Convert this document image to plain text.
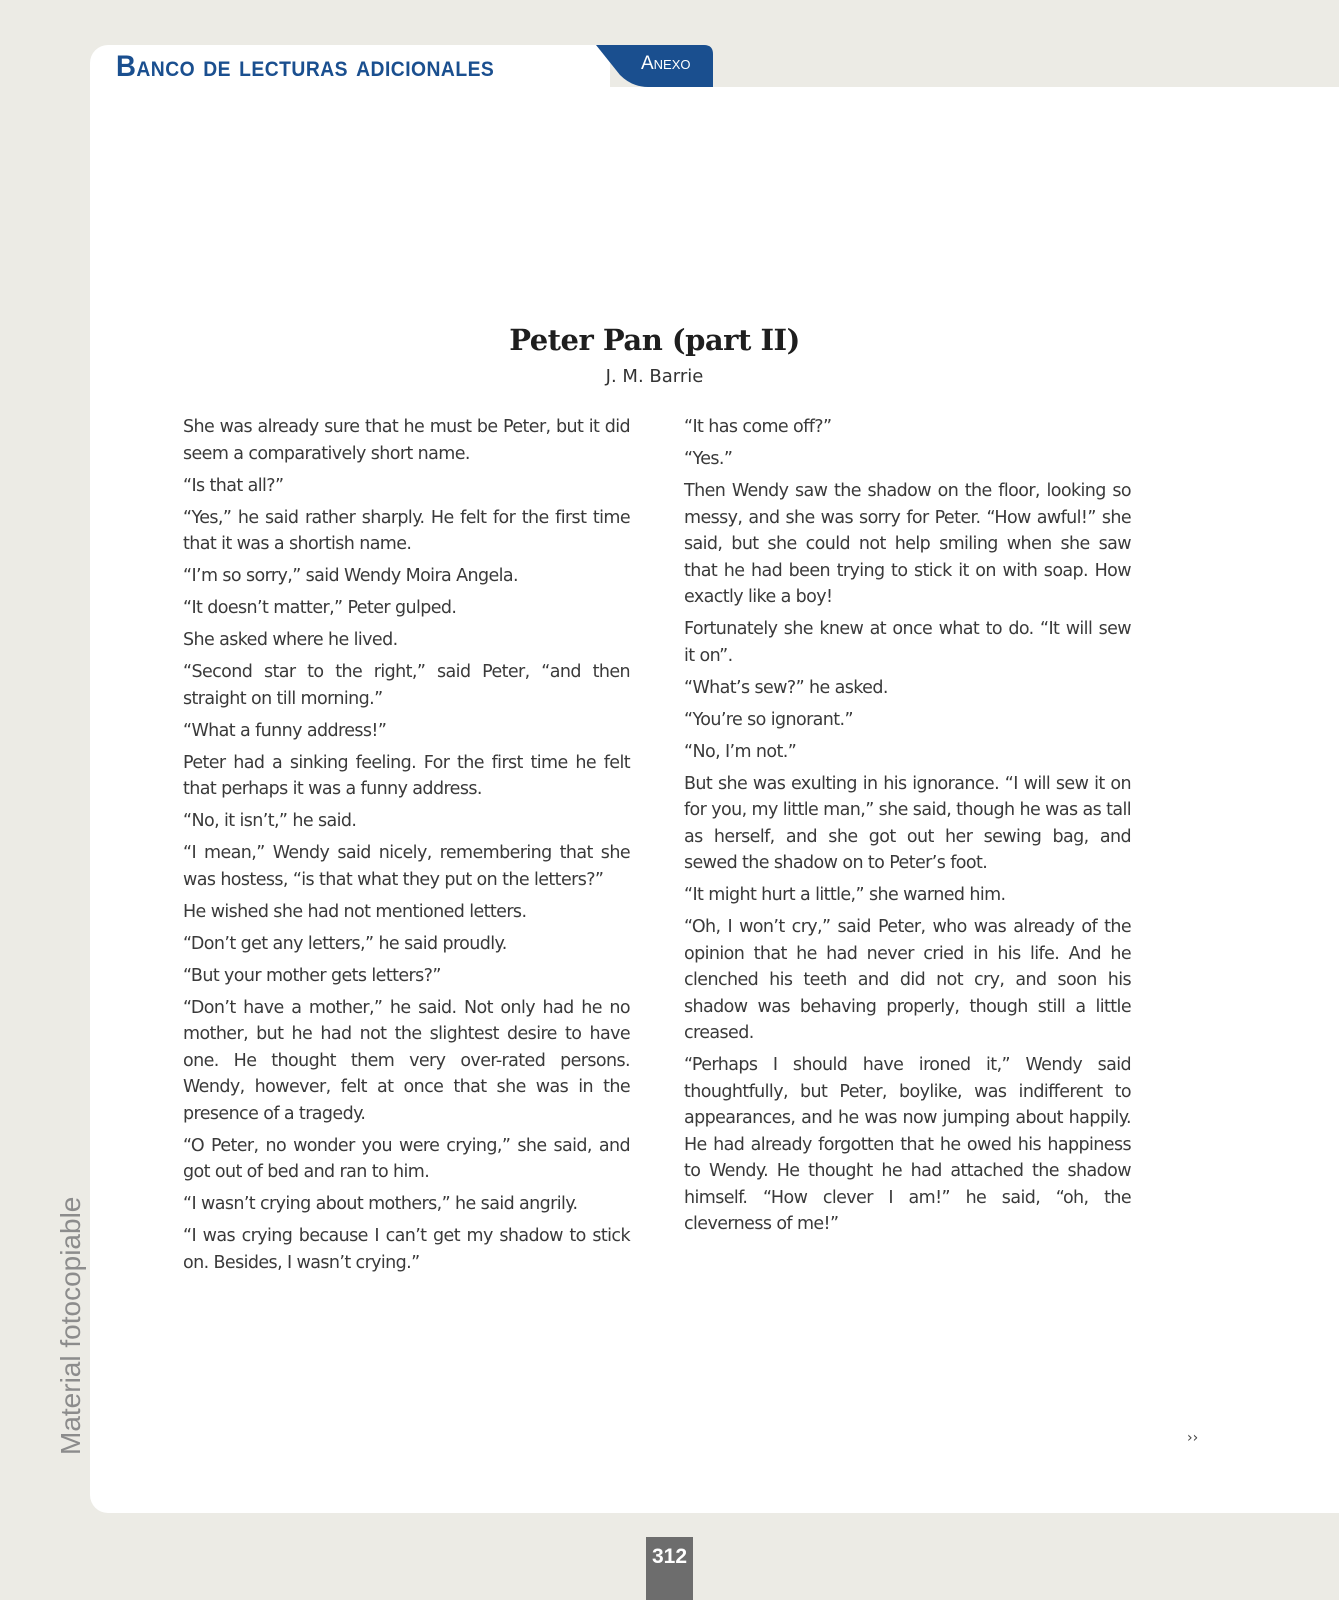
Banco de lecturas adicionales	Anexo
Peter Pan (part II)
J. M. Barrie

She was already sure that he must be Peter, but it did seem a comparatively short name.

“Is that all?”

“Yes,” he said rather sharply. He felt for the first time that it was a shortish name.

“I’m so sorry,” said Wendy Moira Angela.

“It doesn’t matter,” Peter gulped.

She asked where he lived.

“Second star to the right,” said Peter, “and then straight on till morning.”

“What a funny address!”

Peter had a sinking feeling. For the first time he felt that perhaps it was a funny address.

“No, it isn’t,” he said.

“I mean,” Wendy said nicely, remembering that she was hostess, “is that what they put on the letters?”

He wished she had not mentioned letters.

“Don’t get any letters,” he said proudly.

“But your mother gets letters?”

“Don’t have a mother,” he said. Not only had he no mother, but he had not the slightest desire to have one. He thought them very over-rated persons. Wendy, however, felt at once that she was in the presence of a tragedy.

“O Peter, no wonder you were crying,” she said, and got out of bed and ran to him.

“I wasn’t crying about mothers,” he said angrily.

“I was crying because I can’t get my shadow to stick on. Besides, I wasn’t crying.”

“It has come off?”

“Yes.”

Then Wendy saw the shadow on the floor, looking so messy, and she was sorry for Peter. “How awful!” she said, but she could not help smiling when she saw that he had been trying to stick it on with soap. How exactly like a boy!

Fortunately she knew at once what to do. “It will sew it on”.

“What’s sew?” he asked.

“You’re so ignorant.”

“No, I’m not.”

But she was exulting in his ignorance. “I will sew it on for you, my little man,” she said, though he was as tall as herself, and she got out her sewing bag, and sewed the shadow on to Peter’s foot.

“It might hurt a little,” she warned him.

“Oh, I won’t cry,” said Peter, who was already of the opinion that he had never cried in his life. And he clenched his teeth and did not cry, and soon his shadow was behaving properly, though still a little creased.

“Perhaps I should have ironed it,” Wendy said thoughtfully, but Peter, boylike, was indifferent to appearances, and he was now jumping about happily. He had already forgotten that he owed his happiness to Wendy. He thought he had attached the shadow himself. “How clever I am!” he said, “oh, the cleverness of me!”

Material fotocopiable	››
312
